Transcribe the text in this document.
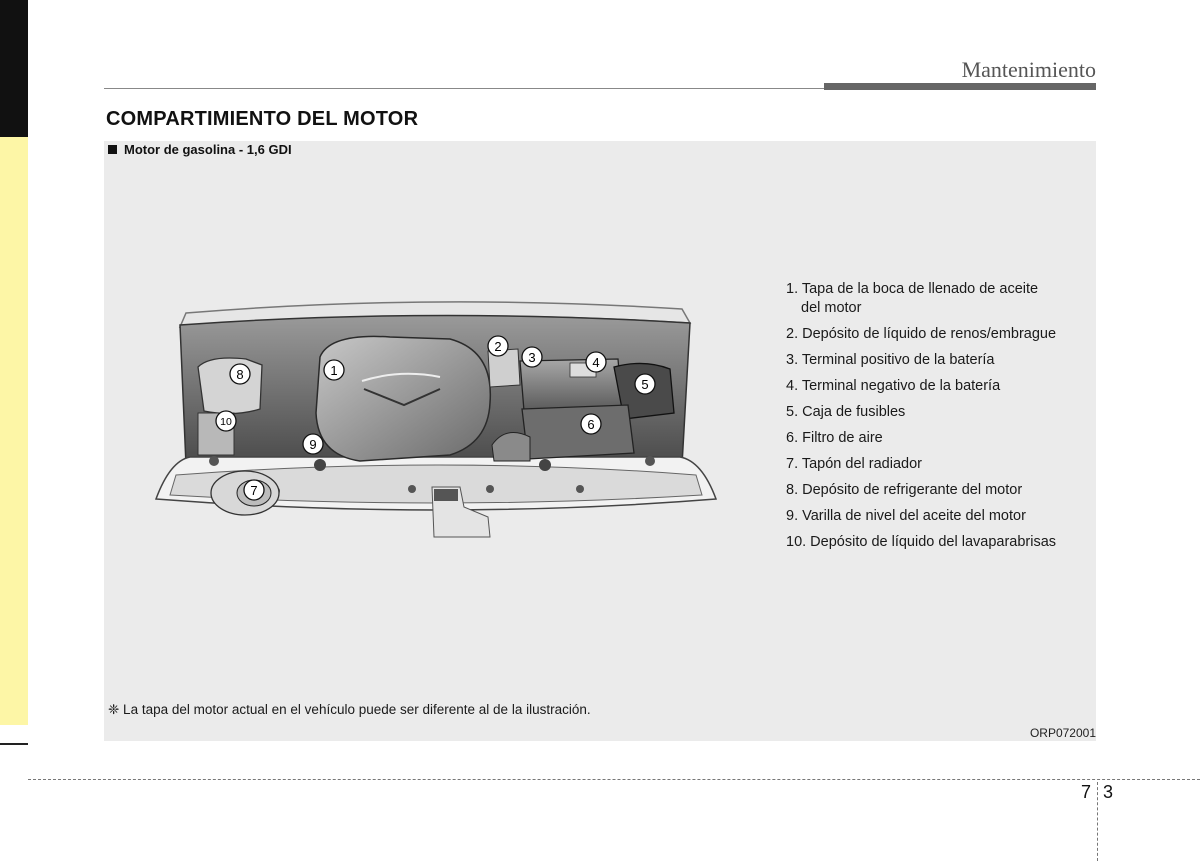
Mantenimiento
COMPARTIMIENTO DEL MOTOR
Motor de gasolina - 1,6 GDI
1
2
3	4
5
6
7
8
9
10
1. Tapa de la boca de llenado de aceite
del motor
2. Depósito de líquido de renos/embrague
3. Terminal positivo de la batería
4. Terminal negativo de la batería
5. Caja de fusibles
6. Filtro de aire
7. Tapón del radiador
8. Depósito de refrigerante del motor
9. Varilla de nivel del aceite del motor
10. Depósito de líquido del lavaparabrisas
❈ La tapa del motor actual en el vehículo puede ser diferente al de la ilustración.
ORP072001
7 3
